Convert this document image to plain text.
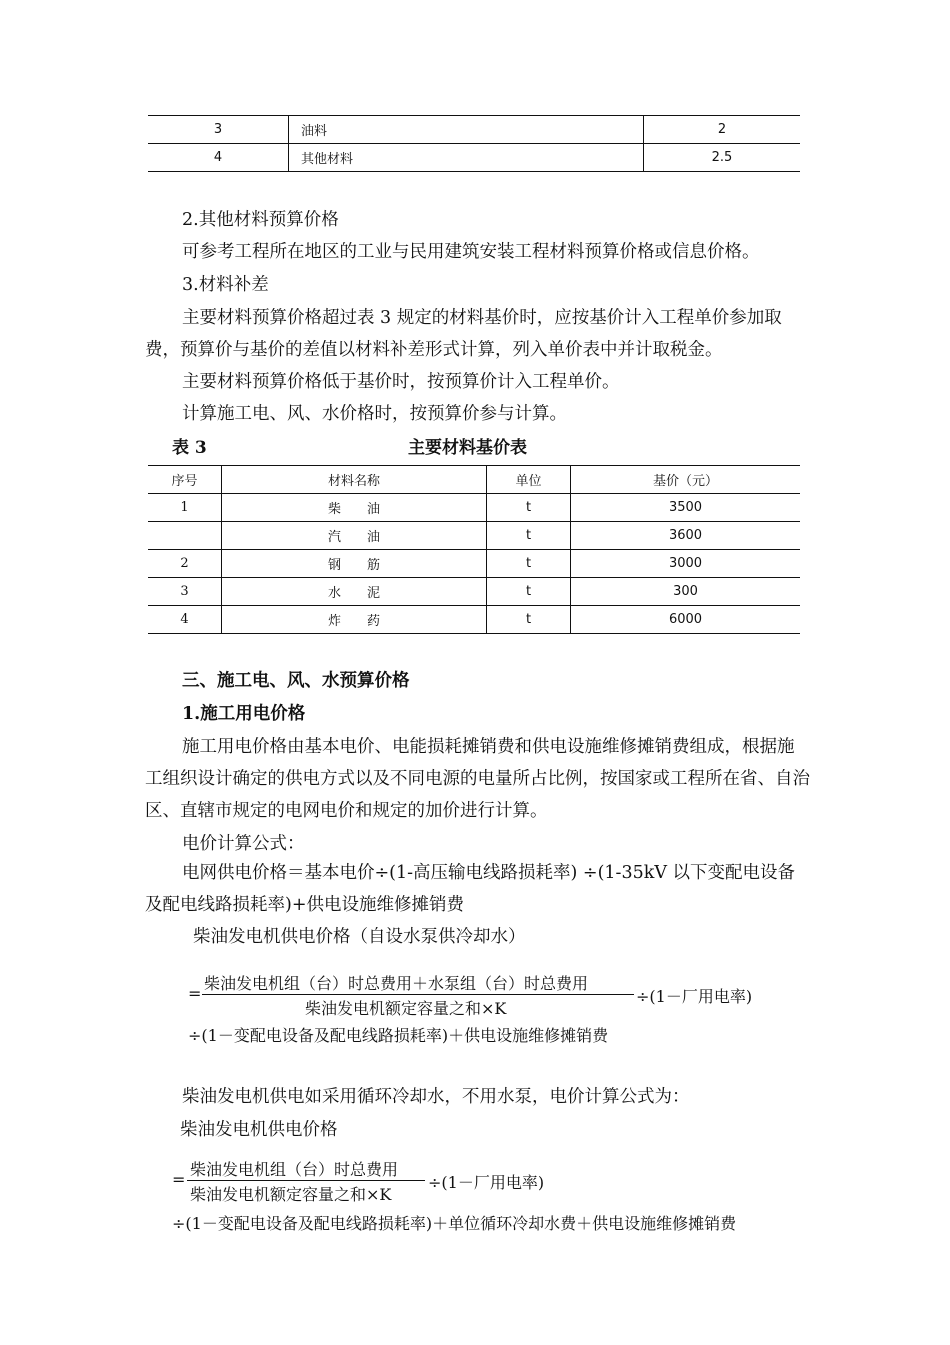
3	油料	2
4	其他材料	2.5
2.其他材料预算价格
可参考工程所在地区的工业与民用建筑安装工程材料预算价格或信息价格。
3.材料补差
主要材料预算价格超过表 3 规定的材料基价时，应按基价计入工程单价参加取费，预算价与基价的差值以材料补差形式计算，列入单价表中并计取税金。
主要材料预算价格低于基价时，按预算价计入工程单价。
计算施工电、风、水价格时，按预算价参与计算。
表 3	主要材料基价表
序号	材料名称	单位	基价（元）
1	柴　　油	t	3500
	汽　　油	t	3600
2	钢　　筋	t	3000
3	水　　泥	t	300
4	炸　　药	t	6000
三、施工电、风、水预算价格
1.施工用电价格
施工用电价格由基本电价、电能损耗摊销费和供电设施维修摊销费组成，根据施工组织设计确定的供电方式以及不同电源的电量所占比例，按国家或工程所在省、自治区、直辖市规定的电网电价和规定的加价进行计算。
电价计算公式：
电网供电价格＝基本电价÷(1-高压输电线路损耗率) ÷(1-35kV 以下变配电设备及配电线路损耗率)+供电设施维修摊销费
柴油发电机供电价格（自设水泵供冷却水）
=
柴油发电机组（台）时总费用＋水泵组（台）时总费用
柴油发电机额定容量之和×K
÷(1－厂用电率)
÷(1－变配电设备及配电线路损耗率)＋供电设施维修摊销费
柴油发电机供电如采用循环冷却水，不用水泵，电价计算公式为：
柴油发电机供电价格
=
柴油发电机组（台）时总费用
柴油发电机额定容量之和×K
÷(1－厂用电率)
÷(1－变配电设备及配电线路损耗率)＋单位循环冷却水费＋供电设施维修摊销费
